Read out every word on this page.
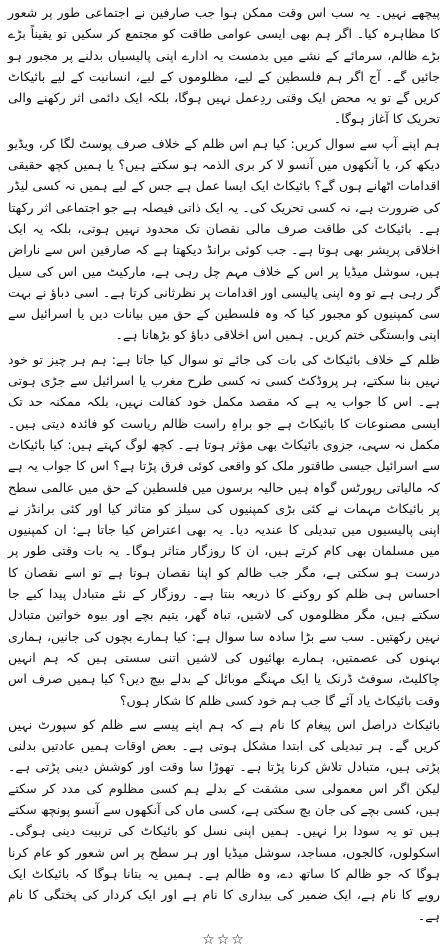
پیچھے نہیں۔ یہ سب اس وقت ممکن ہوا جب صارفین نے اجتماعی طور پر شعور کا مظاہرہ کیا۔ اگر ہم بھی ایسی عوامی طاقت کو مجتمع کر سکیں تو یقیناً بڑے بڑے ظالم، سرمائے کے نشے میں بدمست یہ ادارے اپنی پالیسیاں بدلنے پر مجبور ہو جائیں گے۔ آج اگر ہم فلسطین کے لیے، مظلوموں کے لیے، انسانیت کے لیے بائیکاٹ کریں گے تو یہ محض ایک وقتی ردِعمل نہیں ہوگا، بلکہ ایک دائمی اثر رکھنے والی تحریک کا آغاز ہوگا۔

ہم اپنے آپ سے سوال کریں: کیا ہم اس ظلم کے خلاف صرف پوسٹ لگا کر، ویڈیو دیکھ کر، یا آنکھوں میں آنسو لا کر بری الذمہ ہو سکتے ہیں؟ یا ہمیں کچھ حقیقی اقدامات اٹھانے ہوں گے؟ بائیکاٹ ایک ایسا عمل ہے جس کے لیے ہمیں نہ کسی لیڈر کی ضرورت ہے، نہ کسی تحریک کی۔ یہ ایک ذاتی فیصلہ ہے جو اجتماعی اثر رکھتا ہے۔ بائیکاٹ کی طاقت صرف مالی نقصان تک محدود نہیں ہوتی، بلکہ یہ ایک اخلاقی پریشر بھی ہوتا ہے۔ جب کوئی برانڈ دیکھتا ہے کہ صارفین اس سے ناراض ہیں، سوشل میڈیا پر اس کے خلاف مہم چل رہی ہے، مارکیٹ میں اس کی سیل گر رہی ہے تو وہ اپنی پالیسی اور اقدامات پر نظرثانی کرتا ہے۔ اسی دباؤ نے بہت سی کمپنیوں کو مجبور کیا کہ وہ فلسطین کے حق میں بیانات دیں یا اسرائیل سے اپنی وابستگی ختم کریں۔ ہمیں اس اخلاقی دباؤ کو بڑھانا ہے۔

ظلم کے خلاف بائیکاٹ کی بات کی جائے تو سوال کیا جاتا ہے: ہم ہر چیز تو خود نہیں بنا سکتے، ہر پروڈکٹ کسی نہ کسی طرح مغرب یا اسرائیل سے جڑی ہوتی ہے۔ اس کا جواب یہ ہے کہ مقصد مکمل خود کفالت نہیں، بلکہ ممکنہ حد تک ایسی مصنوعات کا بائیکاٹ ہے جو براہِ راست ظالم ریاست کو فائدہ دیتی ہیں۔ مکمل نہ سہی، جزوی بائیکاٹ بھی مؤثر ہوتا ہے۔ کچھ لوگ کہتے ہیں: کیا بائیکاٹ سے اسرائیل جیسی طاقتور ملک کو واقعی کوئی فرق پڑتا ہے؟ اس کا جواب یہ ہے کہ مالیاتی رپورٹس گواہ ہیں حالیہ برسوں میں فلسطین کے حق میں عالمی سطح پر بائیکاٹ مہمات نے کئی بڑی کمپنیوں کی سیلز کو متاثر کیا اور کئی برانڈز نے اپنی پالیسیوں میں تبدیلی کا عندیہ دیا۔ یہ بھی اعتراض کیا جاتا ہے: ان کمپنیوں میں مسلمان بھی کام کرتے ہیں، ان کا روزگار متاثر ہوگا۔ یہ بات وقتی طور پر درست ہو سکتی ہے، مگر جب ظالم کو اپنا نقصان ہوتا ہے تو اسے نقصان کا احساس ہی ظلم کو روکنے کا ذریعہ بنتا ہے۔ روزگار کے نئے متبادل پیدا کیے جا سکتے ہیں، مگر مظلوموں کی لاشیں، تباہ گھر، یتیم بچے اور بیوہ خواتین متبادل نہیں رکھتیں۔ سب سے بڑا سادہ سا سوال ہے: کیا ہمارے بچوں کی جانیں، ہماری بہنوں کی عصمتیں، ہمارے بھائیوں کی لاشیں اتنی سستی ہیں کہ ہم انہیں چاکلیٹ، سوفٹ ڈرنک یا ایک مہنگے موبائل کے بدلے بیچ دیں؟ کیا ہمیں صرف اس وقت بائیکاٹ یاد آئے گا جب ہم خود کسی ظلم کا شکار ہوں؟

بائیکاٹ دراصل اس پیغام کا نام ہے کہ ہم اپنے پیسے سے ظلم کو سپورٹ نہیں کریں گے۔ ہر تبدیلی کی ابتدا مشکل ہوتی ہے۔ بعض اوقات ہمیں عادتیں بدلنی پڑتی ہیں، متبادل تلاش کرنا پڑتا ہے۔ تھوڑا سا وقت اور کوشش دینی پڑتی ہے۔ لیکن اگر اس معمولی سی مشقت کے بدلے ہم کسی مظلوم کی مدد کر سکتے ہیں، کسی بچے کی جان بچ سکتی ہے، کسی ماں کی آنکھوں سے آنسو پونچھ سکتے ہیں تو یہ سودا برا نہیں۔ ہمیں اپنی نسل کو بائیکاٹ کی تربیت دینی ہوگی۔ اسکولوں، کالجوں، مساجد، سوشل میڈیا اور ہر سطح پر اس شعور کو عام کرنا ہوگا کہ جو ظالم کا ساتھ دے، وہ ظالم ہے۔ ہمیں یہ بتانا ہوگا کہ بائیکاٹ ایک رویے کا نام ہے، ایک ضمیر کی بیداری کا نام ہے اور ایک کردار کی پختگی کا نام ہے۔

☆☆☆
